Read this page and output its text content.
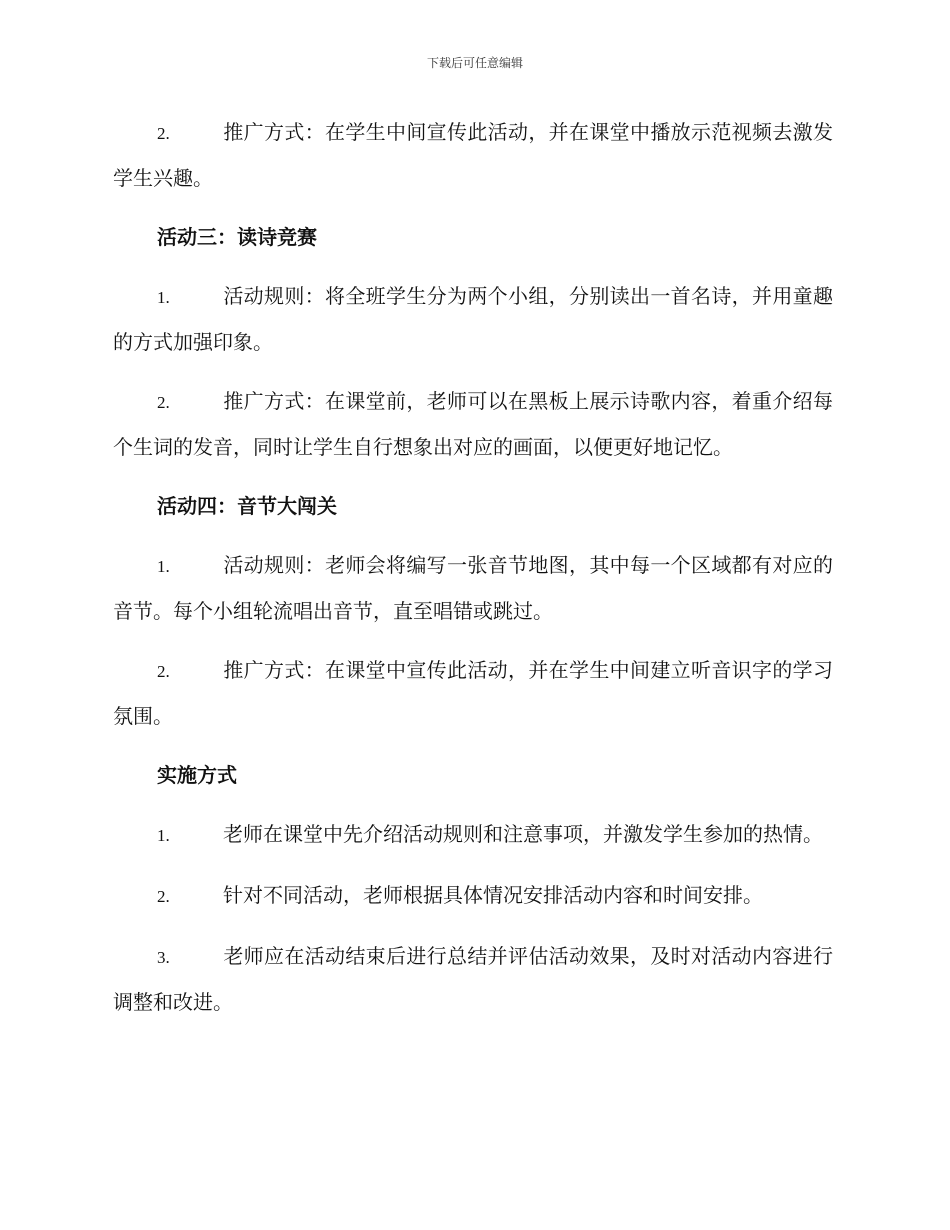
下载后可任意编辑

2.	推广方式：在学生中间宣传此活动，并在课堂中播放示范视频去激发学生兴趣。

活动三：读诗竞赛

1.	活动规则：将全班学生分为两个小组，分别读出一首名诗，并用童趣的方式加强印象。

2.	推广方式：在课堂前，老师可以在黑板上展示诗歌内容，着重介绍每个生词的发音，同时让学生自行想象出对应的画面，以便更好地记忆。

活动四：音节大闯关

1.	活动规则：老师会将编写一张音节地图，其中每一个区域都有对应的音节。每个小组轮流唱出音节，直至唱错或跳过。

2.	推广方式：在课堂中宣传此活动，并在学生中间建立听音识字的学习氛围。

实施方式

1.	老师在课堂中先介绍活动规则和注意事项，并激发学生参加的热情。

2.	针对不同活动，老师根据具体情况安排活动内容和时间安排。

3.	老师应在活动结束后进行总结并评估活动效果，及时对活动内容进行调整和改进。
